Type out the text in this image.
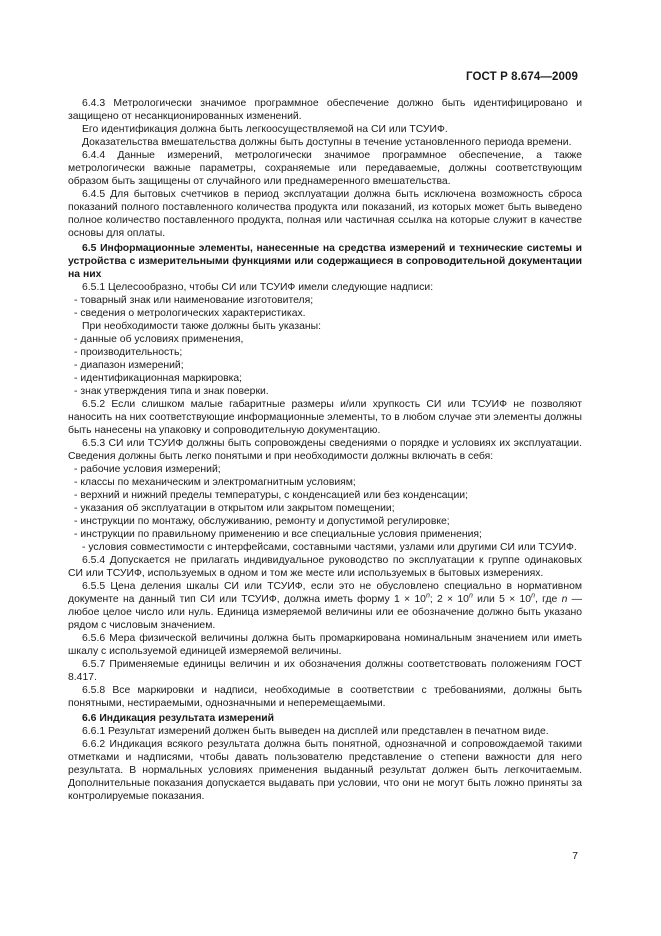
ГОСТ Р 8.674—2009

6.4.3 Метрологически значимое программное обеспечение должно быть идентифицировано и защищено от несанкционированных изменений.

Его идентификация должна быть легкоосуществляемой на СИ или ТСУИФ.

Доказательства вмешательства должны быть доступны в течение установленного периода времени.

6.4.4 Данные измерений, метрологически значимое программное обеспечение, а также метрологически важные параметры, сохраняемые или передаваемые, должны соответствующим образом быть защищены от случайного или преднамеренного вмешательства.

6.4.5 Для бытовых счетчиков в период эксплуатации должна быть исключена возможность сброса показаний полного поставленного количества продукта или показаний, из которых может быть выведено полное количество поставленного продукта, полная или частичная ссылка на которые служит в качестве основы для оплаты.

6.5 Информационные элементы, нанесенные на средства измерений и технические системы и устройства с измерительными функциями или содержащиеся в сопроводительной документации на них

6.5.1 Целесообразно, чтобы СИ или ТСУИФ имели следующие надписи:

- товарный знак или наименование изготовителя;

- сведения о метрологических характеристиках.

При необходимости также должны быть указаны:

- данные об условиях применения,

- производительность;

- диапазон измерений;

- идентификационная маркировка;

- знак утверждения типа и знак поверки.

6.5.2 Если слишком малые габаритные размеры и/или хрупкость СИ или ТСУИФ не позволяют наносить на них соответствующие информационные элементы, то в любом случае эти элементы должны быть нанесены на упаковку и сопроводительную документацию.

6.5.3 СИ или ТСУИФ должны быть сопровождены сведениями о порядке и условиях их эксплуатации. Сведения должны быть легко понятыми и при необходимости должны включать в себя:

- рабочие условия измерений;

- классы по механическим и электромагнитным условиям;

- верхний и нижний пределы температуры, с конденсацией или без конденсации;

- указания об эксплуатации в открытом или закрытом помещении;

- инструкции по монтажу, обслуживанию, ремонту и допустимой регулировке;

- инструкции по правильному применению и все специальные условия применения;

- условия совместимости с интерфейсами, составными частями, узлами или другими СИ или ТСУИФ.

6.5.4 Допускается не прилагать индивидуальное руководство по эксплуатации к группе одинаковых СИ или ТСУИФ, используемых в одном и том же месте или используемых в бытовых измерениях.

6.5.5 Цена деления шкалы СИ или ТСУИФ, если это не обусловлено специально в нормативном документе на данный тип СИ или ТСУИФ, должна иметь форму $1 \times 10^n$; $2 \times 10^n$ или $5 \times 10^n$, где n — любое целое число или нуль. Единица измеряемой величины или ее обозначение должно быть указано рядом с числовым значением.

6.5.6 Мера физической величины должна быть промаркирована номинальным значением или иметь шкалу с используемой единицей измеряемой величины.

6.5.7 Применяемые единицы величин и их обозначения должны соответствовать положениям ГОСТ 8.417.

6.5.8 Все маркировки и надписи, необходимые в соответствии с требованиями, должны быть понятными, нестираемыми, однозначными и неперемещаемыми.

6.6 Индикация результата измерений

6.6.1 Результат измерений должен быть выведен на дисплей или представлен в печатном виде.

6.6.2 Индикация всякого результата должна быть понятной, однозначной и сопровождаемой такими отметками и надписями, чтобы давать пользователю представление о степени важности для него результата. В нормальных условиях применения выданный результат должен быть легкочитаемым. Дополнительные показания допускается выдавать при условии, что они не могут быть ложно приняты за контролируемые показания.

7
